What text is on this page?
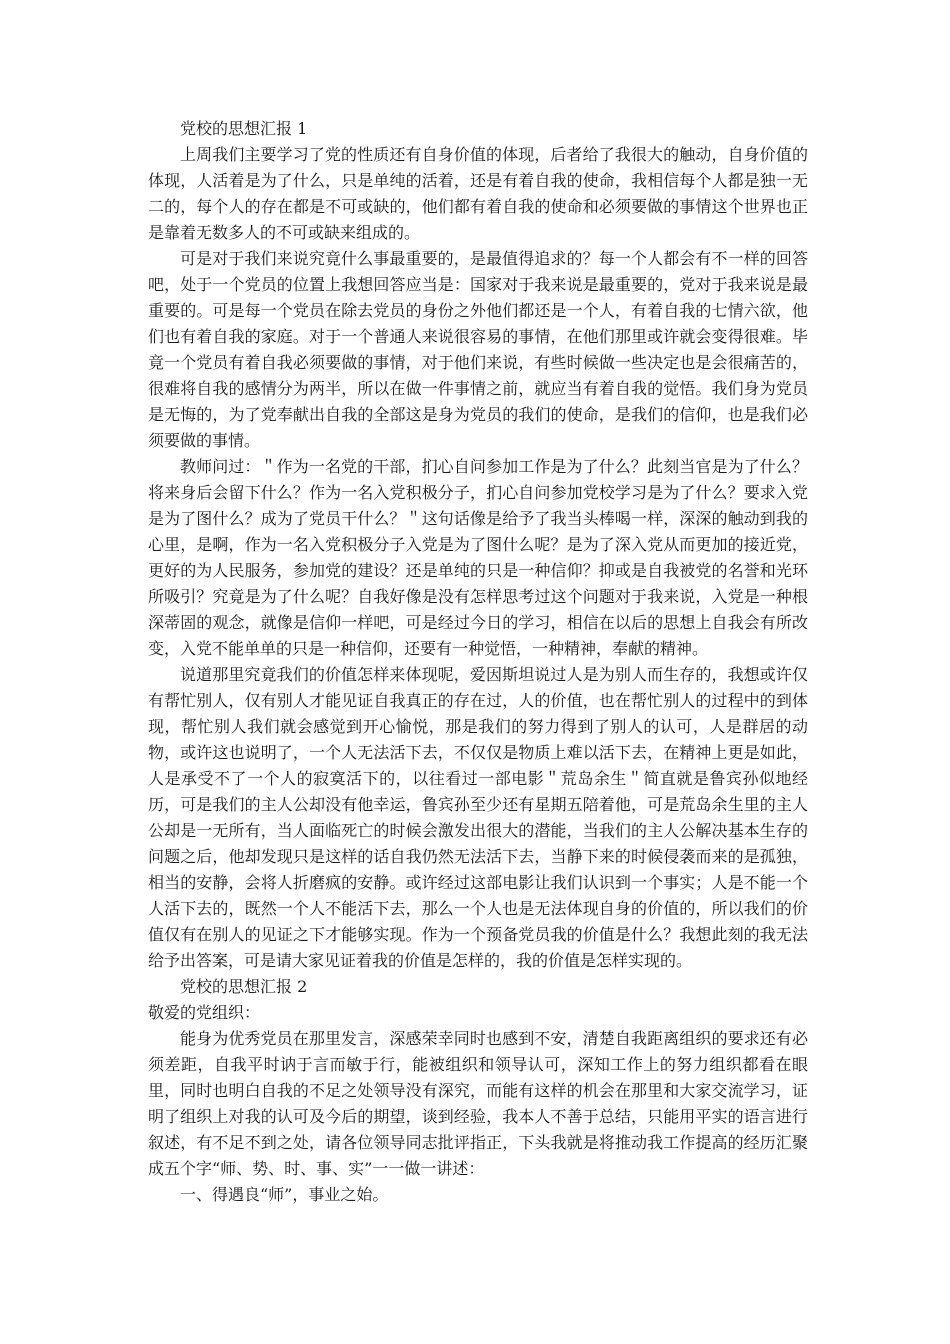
党校的思想汇报 1

上周我们主要学习了党的性质还有自身价值的体现，后者给了我很大的触动，自身价值的体现，人活着是为了什么，只是单纯的活着，还是有着自我的使命，我相信每个人都是独一无二的，每个人的存在都是不可或缺的，他们都有着自我的使命和必须要做的事情这个世界也正是靠着无数多人的不可或缺来组成的。

可是对于我们来说究竟什么事最重要的，是最值得追求的？每一个人都会有不一样的回答吧，处于一个党员的位置上我想回答应当是：国家对于我来说是最重要的，党对于我来说是最重要的。可是每一个党员在除去党员的身份之外他们都还是一个人，有着自我的七情六欲，他们也有着自我的家庭。对于一个普通人来说很容易的事情，在他们那里或许就会变得很难。毕竟一个党员有着自我必须要做的事情，对于他们来说，有些时候做一些决定也是会很痛苦的，很难将自我的感情分为两半，所以在做一件事情之前，就应当有着自我的觉悟。我们身为党员是无悔的，为了党奉献出自我的全部这是身为党员的我们的使命，是我们的信仰，也是我们必须要做的事情。

教师问过：＂作为一名党的干部，扪心自问参加工作是为了什么？此刻当官是为了什么？将来身后会留下什么？作为一名入党积极分子，扪心自问参加党校学习是为了什么？要求入党是为了图什么？成为了党员干什么？＂这句话像是给予了我当头棒喝一样，深深的触动到我的心里，是啊，作为一名入党积极分子入党是为了图什么呢？是为了深入党从而更加的接近党，更好的为人民服务，参加党的建设？还是单纯的只是一种信仰？抑或是自我被党的名誉和光环所吸引？究竟是为了什么呢？自我好像是没有怎样思考过这个问题对于我来说，入党是一种根深蒂固的观念，就像是信仰一样吧，可是经过今日的学习，相信在以后的思想上自我会有所改变，入党不能单单的只是一种信仰，还要有一种觉悟，一种精神，奉献的精神。

说道那里究竟我们的价值怎样来体现呢，爱因斯坦说过人是为别人而生存的，我想或许仅有帮忙别人，仅有别人才能见证自我真正的存在过，人的价值，也在帮忙别人的过程中的到体现，帮忙别人我们就会感觉到开心愉悦，那是我们的努力得到了别人的认可，人是群居的动物，或许这也说明了，一个人无法活下去，不仅仅是物质上难以活下去，在精神上更是如此，人是承受不了一个人的寂寞活下的，以往看过一部电影＂荒岛余生＂简直就是鲁宾孙似地经历，可是我们的主人公却没有他幸运，鲁宾孙至少还有星期五陪着他，可是荒岛余生里的主人公却是一无所有，当人面临死亡的时候会激发出很大的潜能，当我们的主人公解决基本生存的问题之后，他却发现只是这样的话自我仍然无法活下去，当静下来的时候侵袭而来的是孤独，相当的安静，会将人折磨疯的安静。或许经过这部电影让我们认识到一个事实；人是不能一个人活下去的，既然一个人不能活下去，那么一个人也是无法体现自身的价值的，所以我们的价值仅有在别人的见证之下才能够实现。作为一个预备党员我的价值是什么？我想此刻的我无法给予出答案，可是请大家见证着我的价值是怎样的，我的价值是怎样实现的。

党校的思想汇报 2

敬爱的党组织：

能身为优秀党员在那里发言，深感荣幸同时也感到不安，清楚自我距离组织的要求还有必须差距，自我平时讷于言而敏于行，能被组织和领导认可，深知工作上的努力组织都看在眼里，同时也明白自我的不足之处领导没有深究，而能有这样的机会在那里和大家交流学习，证明了组织上对我的认可及今后的期望，谈到经验，我本人不善于总结，只能用平实的语言进行叙述，有不足不到之处，请各位领导同志批评指正，下头我就是将推动我工作提高的经历汇聚成五个字“师、势、时、事、实”一一做一讲述：

一、得遇良“师”，事业之始。
